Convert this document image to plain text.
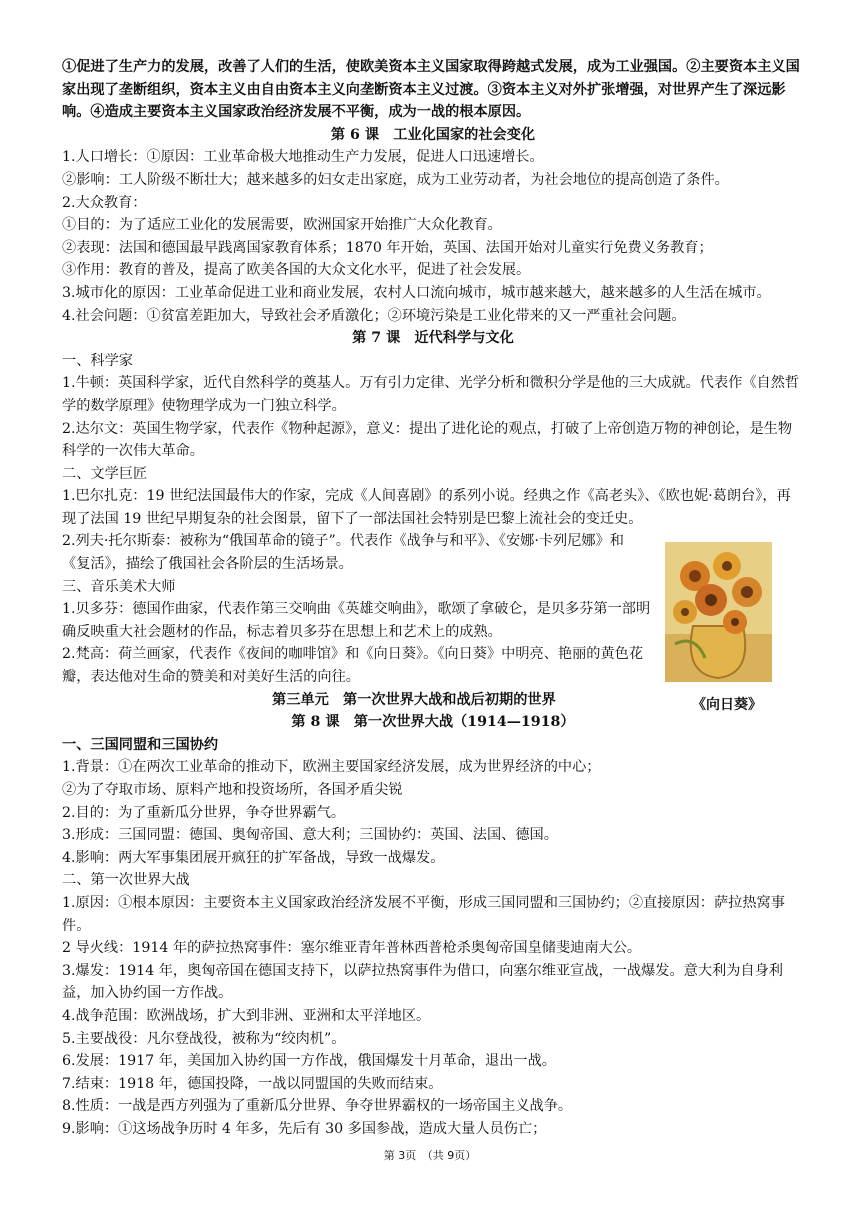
①促进了生产力的发展，改善了人们的生活，使欧美资本主义国家取得跨越式发展，成为工业强国。②主要资本主义国家出现了垄断组织，资本主义由自由资本主义向垄断资本主义过渡。③资本主义对外扩张增强，对世界产生了深远影响。④造成主要资本主义国家政治经济发展不平衡，成为一战的根本原因。

第 6 课　工业化国家的社会变化

1.人口增长：①原因：工业革命极大地推动生产力发展，促进人口迅速增长。

②影响：工人阶级不断壮大；越来越多的妇女走出家庭，成为工业劳动者，为社会地位的提高创造了条件。

2.大众教育：

①目的：为了适应工业化的发展需要，欧洲国家开始推广大众化教育。

②表现：法国和德国最早践离国家教育体系；1870 年开始，英国、法国开始对儿童实行免费义务教育；

③作用：教育的普及，提高了欧美各国的大众文化水平，促进了社会发展。

3.城市化的原因：工业革命促进工业和商业发展，农村人口流向城市，城市越来越大，越来越多的人生活在城市。

4.社会问题：①贫富差距加大，导致社会矛盾激化；②环境污染是工业化带来的又一严重社会问题。

第 7 课　近代科学与文化

一、科学家

1.牛顿：英国科学家，近代自然科学的奠基人。万有引力定律、光学分析和微积分学是他的三大成就。代表作《自然哲学的数学原理》使物理学成为一门独立科学。

2.达尔文：英国生物学家，代表作《物种起源》，意义：提出了进化论的观点，打破了上帝创造万物的神创论，是生物科学的一次伟大革命。

二、文学巨匠

1.巴尔扎克：19 世纪法国最伟大的作家，完成《人间喜剧》的系列小说。经典之作《高老头》、《欧也妮·葛朗台》，再现了法国 19 世纪早期复杂的社会图景，留下了一部法国社会特别是巴黎上流社会的变迁史。

2.列夫·托尔斯泰：被称为“俄国革命的镜子”。代表作《战争与和平》、《安娜·卡列尼娜》和《复活》，描绘了俄国社会各阶层的生活场景。

三、音乐美术大师

1.贝多芬：德国作曲家，代表作第三交响曲《英雄交响曲》，歌颂了拿破仑，是贝多芬第一部明确反映重大社会题材的作品，标志着贝多芬在思想上和艺术上的成熟。

2.梵高：荷兰画家，代表作《夜间的咖啡馆》和《向日葵》。《向日葵》中明亮、艳丽的黄色花瓣，表达他对生命的赞美和对美好生活的向往。

第三单元　第一次世界大战和战后初期的世界
第 8 课　第一次世界大战（1914—1918）

一、三国同盟和三国协约

1.背景：①在两次工业革命的推动下，欧洲主要国家经济发展，成为世界经济的中心；

②为了夺取市场、原料产地和投资场所，各国矛盾尖锐

2.目的：为了重新瓜分世界，争夺世界霸气。

3.形成：三国同盟：德国、奥匈帝国、意大利；三国协约：英国、法国、德国。

4.影响：两大军事集团展开疯狂的扩军备战，导致一战爆发。

二、第一次世界大战

1.原因：①根本原因：主要资本主义国家政治经济发展不平衡，形成三国同盟和三国协约；②直接原因：萨拉热窝事件。

2 导火线：1914 年的萨拉热窝事件：塞尔维亚青年普林西普枪杀奥匈帝国皇储斐迪南大公。

3.爆发：1914 年，奥匈帝国在德国支持下，以萨拉热窝事件为借口，向塞尔维亚宣战，一战爆发。意大利为自身利益，加入协约国一方作战。

4.战争范围：欧洲战场，扩大到非洲、亚洲和太平洋地区。

5.主要战役：凡尔登战役，被称为“绞肉机”。

6.发展：1917 年，美国加入协约国一方作战，俄国爆发十月革命，退出一战。

7.结束：1918 年，德国投降，一战以同盟国的失败而结束。

8.性质：一战是西方列强为了重新瓜分世界、争夺世界霸权的一场帝国主义战争。

9.影响：①这场战争历时 4 年多，先后有 30 多国参战，造成大量人员伤亡；

《向日葵》
第 3页　（共 9页）
